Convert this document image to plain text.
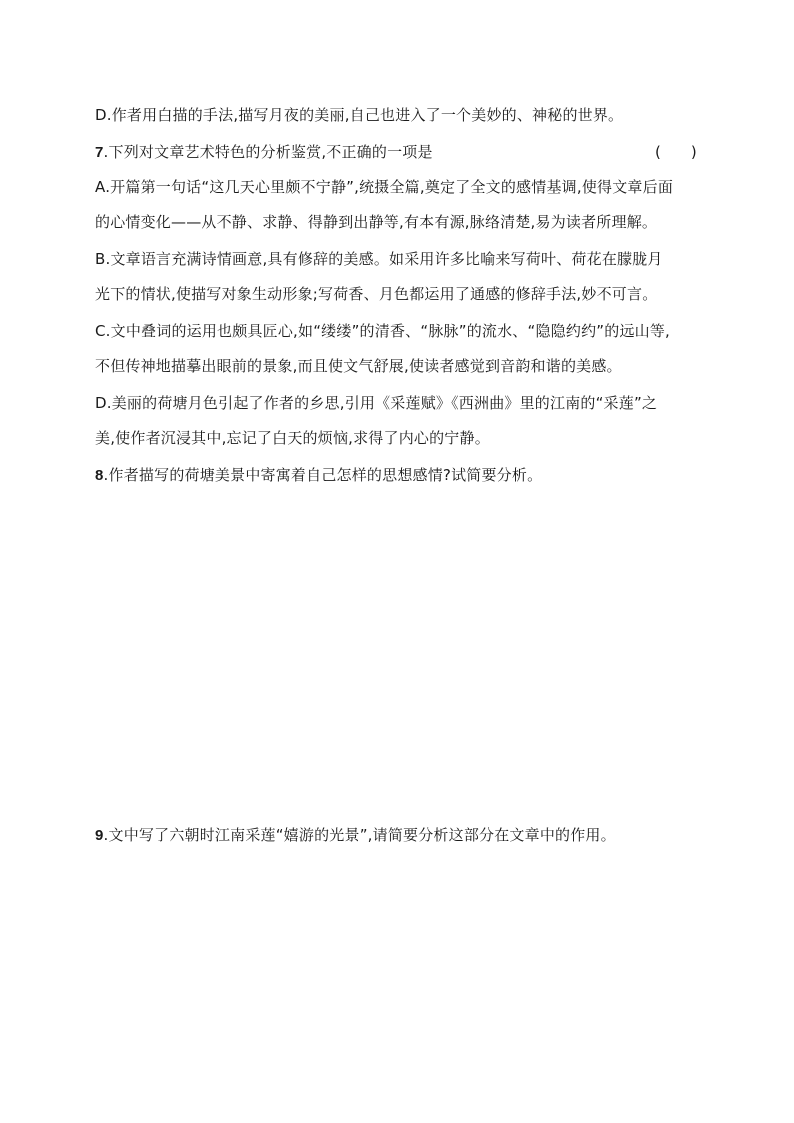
D.作者用白描的手法,描写月夜的美丽,自己也进入了一个美妙的、神秘的世界。
7.下列对文章艺术特色的分析鉴赏,不正确的一项是	(　　)
A.开篇第一句话“这几天心里颇不宁静”,统摄全篇,奠定了全文的感情基调,使得文章后面
的心情变化——从不静、求静、得静到出静等,有本有源,脉络清楚,易为读者所理解。
B.文章语言充满诗情画意,具有修辞的美感。如采用许多比喻来写荷叶、荷花在朦胧月
光下的情状,使描写对象生动形象;写荷香、月色都运用了通感的修辞手法,妙不可言。
C.文中叠词的运用也颇具匠心,如“缕缕”的清香、“脉脉”的流水、“隐隐约约”的远山等,
不但传神地描摹出眼前的景象,而且使文气舒展,使读者感觉到音韵和谐的美感。
D.美丽的荷塘月色引起了作者的乡思,引用《采莲赋》《西洲曲》里的江南的“采莲”之
美,使作者沉浸其中,忘记了白天的烦恼,求得了内心的宁静。
8.作者描写的荷塘美景中寄寓着自己怎样的思想感情?试简要分析。
9.文中写了六朝时江南采莲“嬉游的光景”,请简要分析这部分在文章中的作用。
